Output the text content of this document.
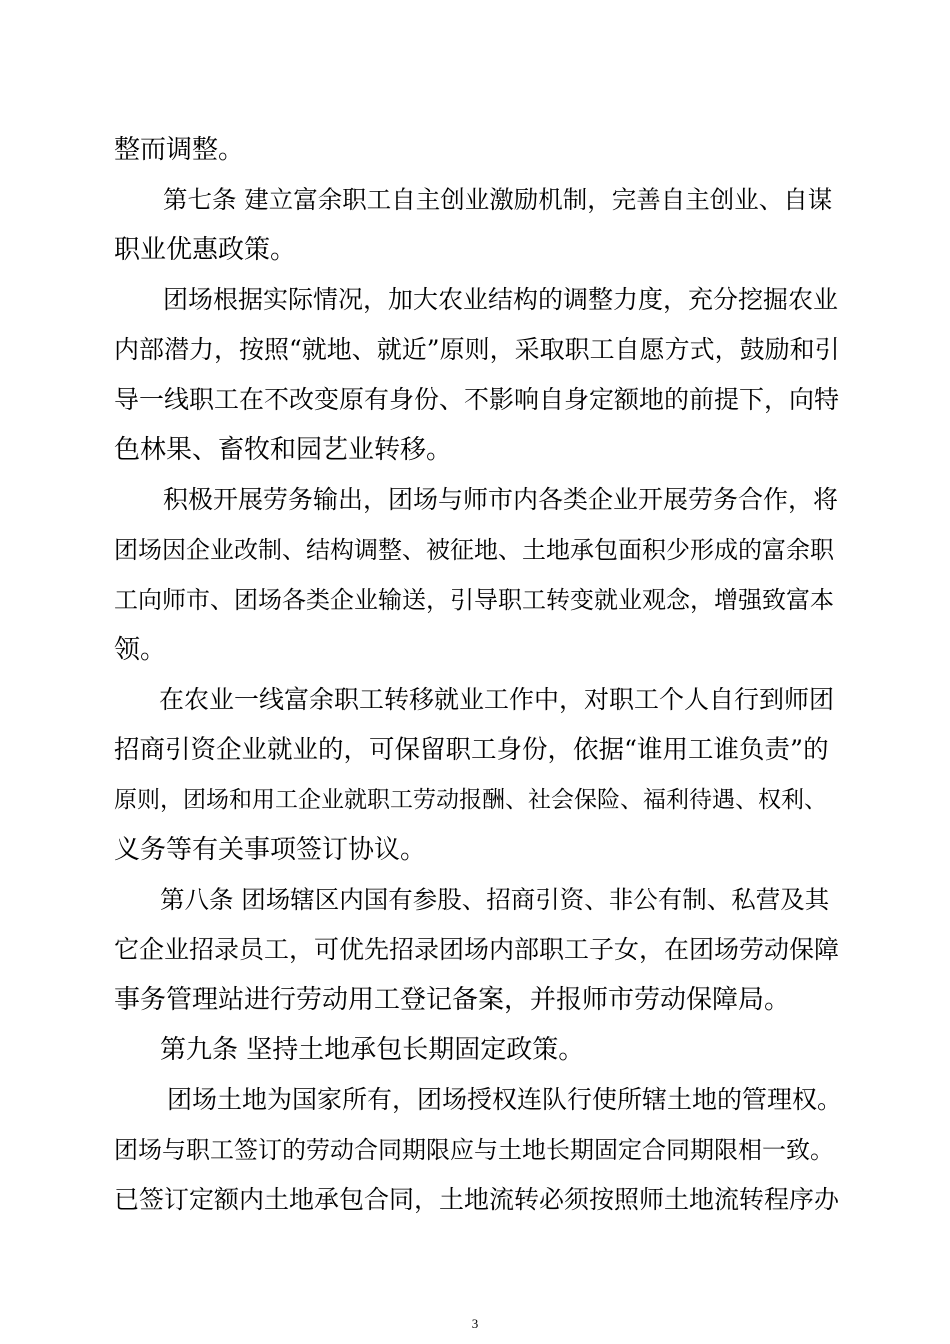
整而调整。
第七条 建立富余职工自主创业激励机制，完善自主创业、自谋
职业优惠政策。
团场根据实际情况，加大农业结构的调整力度，充分挖掘农业
内部潜力，按照“就地、就近”原则，采取职工自愿方式，鼓励和引
导一线职工在不改变原有身份、不影响自身定额地的前提下，向特
色林果、畜牧和园艺业转移。
积极开展劳务输出，团场与师市内各类企业开展劳务合作，将
团场因企业改制、结构调整、被征地、土地承包面积少形成的富余职
工向师市、团场各类企业输送，引导职工转变就业观念，增强致富本
领。
在农业一线富余职工转移就业工作中，对职工个人自行到师团
招商引资企业就业的，可保留职工身份，依据“谁用工谁负责”的
原则，团场和用工企业就职工劳动报酬、社会保险、福利待遇、权利、
义务等有关事项签订协议。
第八条 团场辖区内国有参股、招商引资、非公有制、私营及其
它企业招录员工，可优先招录团场内部职工子女，在团场劳动保障
事务管理站进行劳动用工登记备案，并报师市劳动保障局。
第九条 坚持土地承包长期固定政策。
团场土地为国家所有，团场授权连队行使所辖土地的管理权。
团场与职工签订的劳动合同期限应与土地长期固定合同期限相一致。
已签订定额内土地承包合同，土地流转必须按照师土地流转程序办
3
